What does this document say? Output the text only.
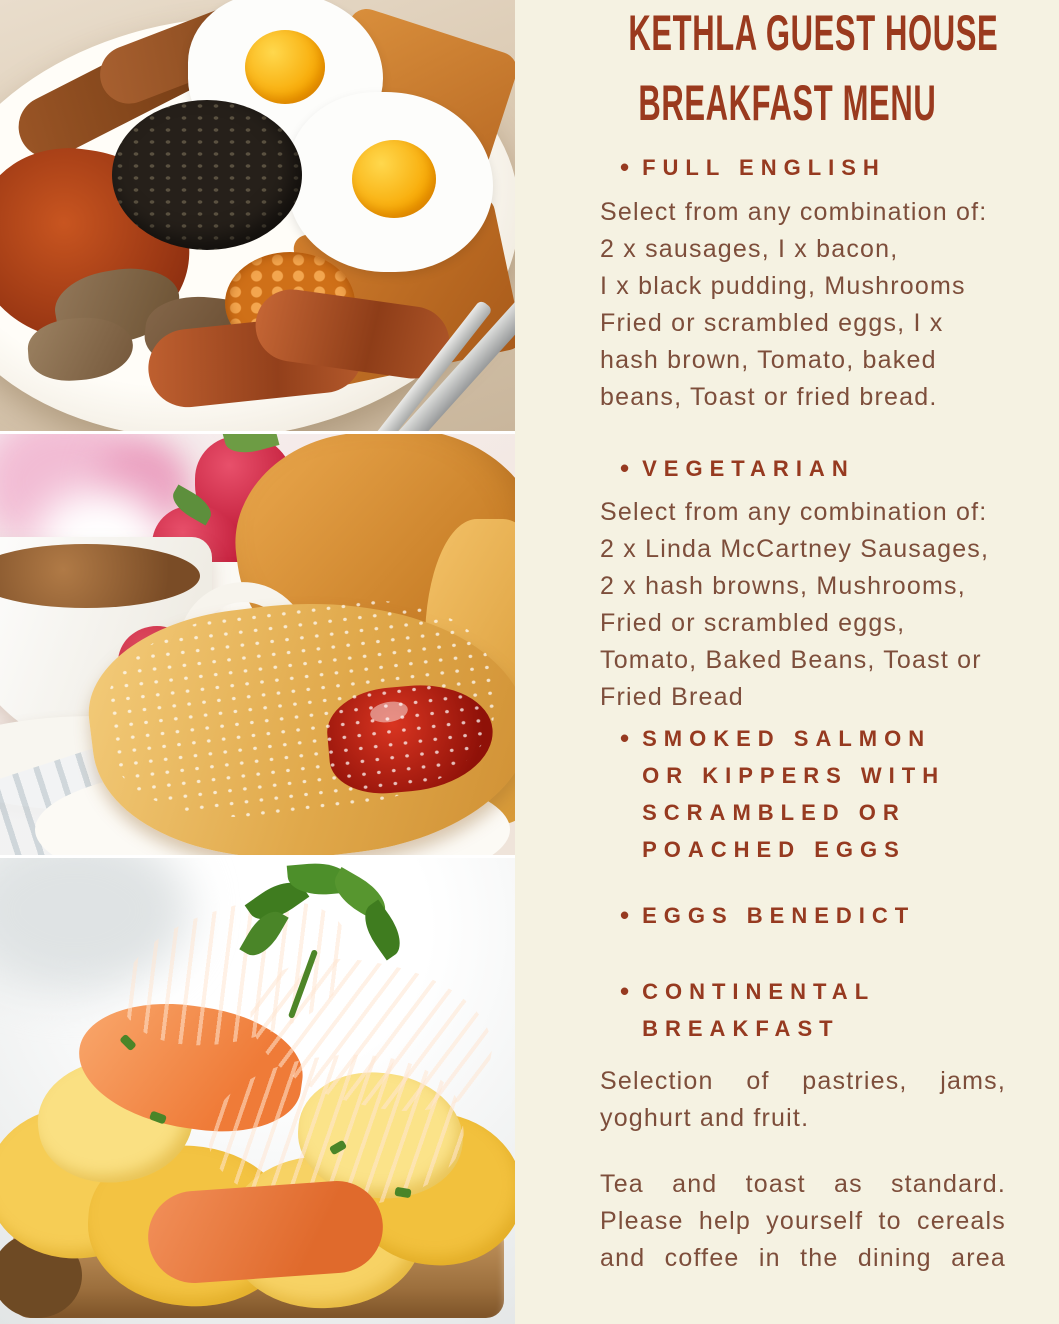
KETHLA GUEST HOUSE
BREAKFAST MENU
• FULL ENGLISH
Select from any combination of:
2 x sausages, I x bacon,
I x black pudding, Mushrooms
Fried or scrambled eggs, I x
hash brown, Tomato, baked
beans, Toast or fried bread.
• VEGETARIAN
Select from any combination of:
2 x Linda McCartney Sausages,
2 x hash browns, Mushrooms,
Fried or scrambled eggs,
Tomato, Baked Beans, Toast or
Fried Bread
• SMOKED SALMON
OR KIPPERS WITH
SCRAMBLED OR
POACHED EGGS
• EGGS BENEDICT
• CONTINENTAL
BREAKFAST
Selection of pastries, jams,
yoghurt and fruit.
Tea and toast as standard.
Please help yourself to cereals
and coffee in the dining area
